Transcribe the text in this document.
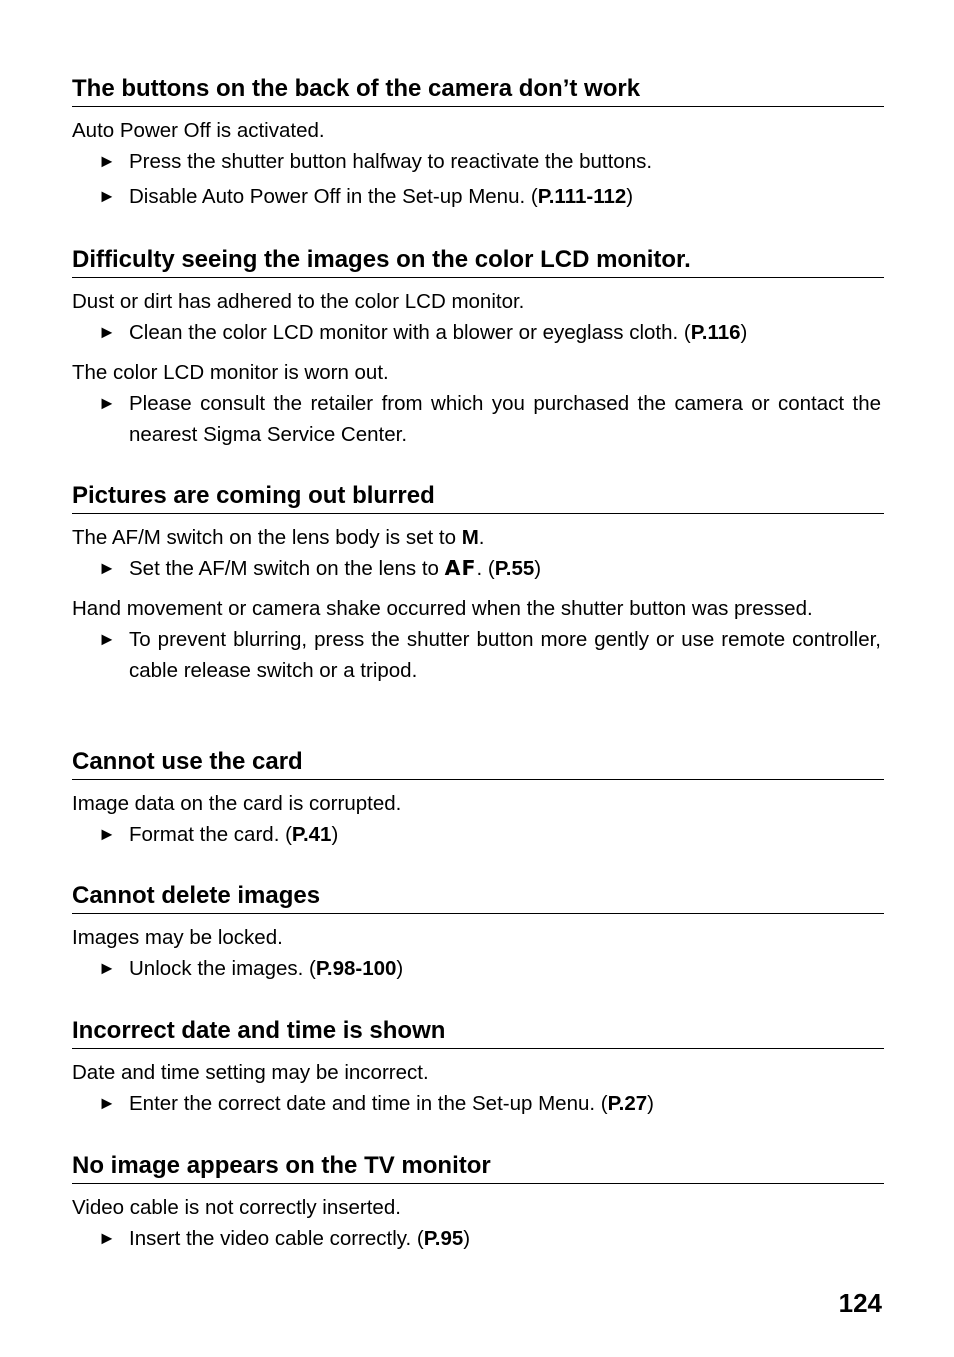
The buttons on the back of the camera don’t work

Auto Power Off is activated.

► Press the shutter button halfway to reactivate the buttons.

► Disable Auto Power Off in the Set-up Menu. (P.111-112)

Difficulty seeing the images on the color LCD monitor.

Dust or dirt has adhered to the color LCD monitor.

► Clean the color LCD monitor with a blower or eyeglass cloth. (P.116)

The color LCD monitor is worn out.

► Please consult the retailer from which you purchased the camera or contact the nearest Sigma Service Center.

Pictures are coming out blurred

The AF/M switch on the lens body is set to M.

► Set the AF/M switch on the lens to AF. (P.55)

Hand movement or camera shake occurred when the shutter button was pressed.

► To prevent blurring, press the shutter button more gently or use remote controller, cable release switch or a tripod.

Cannot use the card

Image data on the card is corrupted.

► Format the card. (P.41)

Cannot delete images

Images may be locked.

► Unlock the images. (P.98-100)

Incorrect date and time is shown

Date and time setting may be incorrect.

► Enter the correct date and time in the Set-up Menu. (P.27)

No image appears on the TV monitor

Video cable is not correctly inserted.

► Insert the video cable correctly. (P.95)

124
